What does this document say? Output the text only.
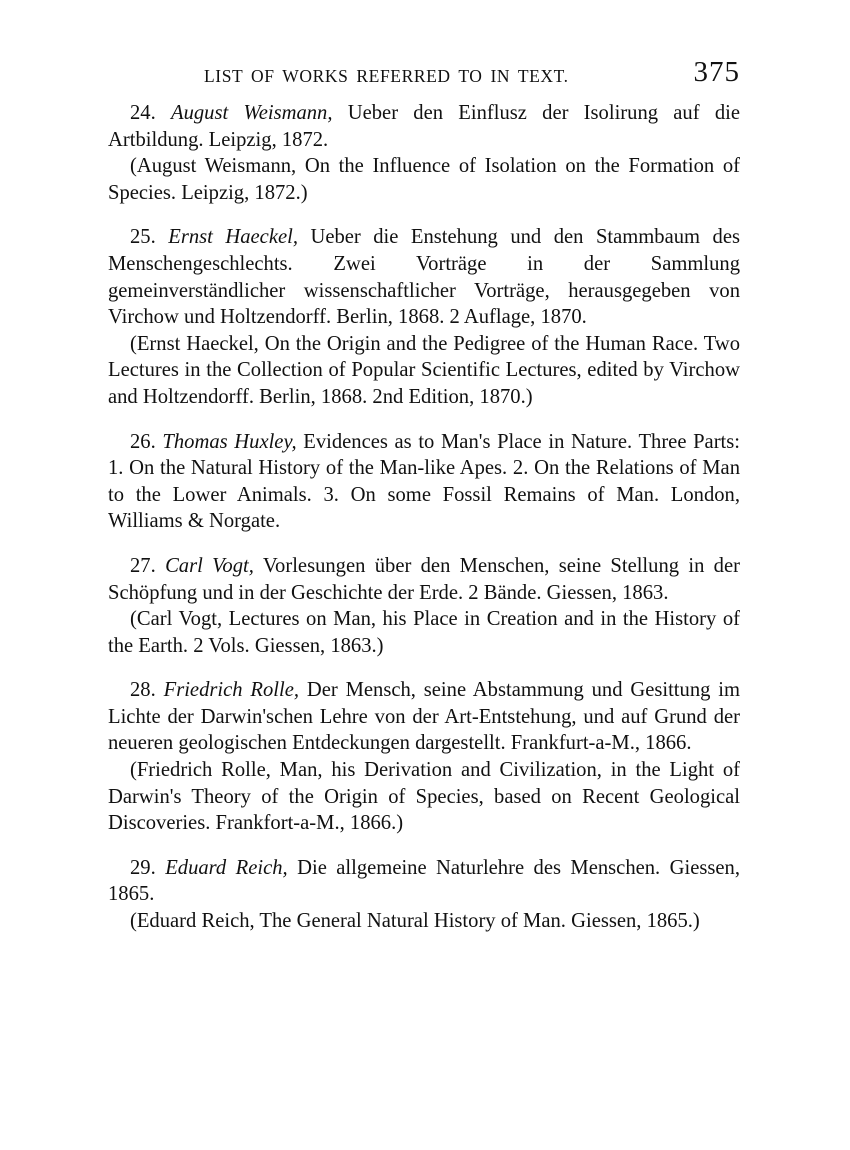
LIST OF WORKS REFERRED TO IN TEXT.	375

24. August Weismann, Ueber den Einflusz der Isolirung auf die Artbildung. Leipzig, 1872.

(August Weismann, On the Influence of Isolation on the Formation of Species. Leipzig, 1872.)

25. Ernst Haeckel, Ueber die Enstehung und den Stammbaum des Menschengeschlechts. Zwei Vorträge in der Sammlung gemeinverständlicher wissenschaftlicher Vorträge, herausgegeben von Virchow und Holtzendorff. Berlin, 1868. 2 Auflage, 1870.

(Ernst Haeckel, On the Origin and the Pedigree of the Human Race. Two Lectures in the Collection of Popular Scientific Lectures, edited by Virchow and Holtzendorff. Berlin, 1868. 2nd Edition, 1870.)

26. Thomas Huxley, Evidences as to Man's Place in Nature. Three Parts: 1. On the Natural History of the Man-like Apes. 2. On the Relations of Man to the Lower Animals. 3. On some Fossil Remains of Man. London, Williams & Norgate.

27. Carl Vogt, Vorlesungen über den Menschen, seine Stellung in der Schöpfung und in der Geschichte der Erde. 2 Bände. Giessen, 1863.

(Carl Vogt, Lectures on Man, his Place in Creation and in the History of the Earth. 2 Vols. Giessen, 1863.)

28. Friedrich Rolle, Der Mensch, seine Abstammung und Gesittung im Lichte der Darwin'schen Lehre von der Art-Entstehung, und auf Grund der neueren geologischen Entdeckungen dargestellt. Frankfurt-a-M., 1866.

(Friedrich Rolle, Man, his Derivation and Civilization, in the Light of Darwin's Theory of the Origin of Species, based on Recent Geological Discoveries. Frankfort-a-M., 1866.)

29. Eduard Reich, Die allgemeine Naturlehre des Menschen. Giessen, 1865.

(Eduard Reich, The General Natural History of Man. Giessen, 1865.)
